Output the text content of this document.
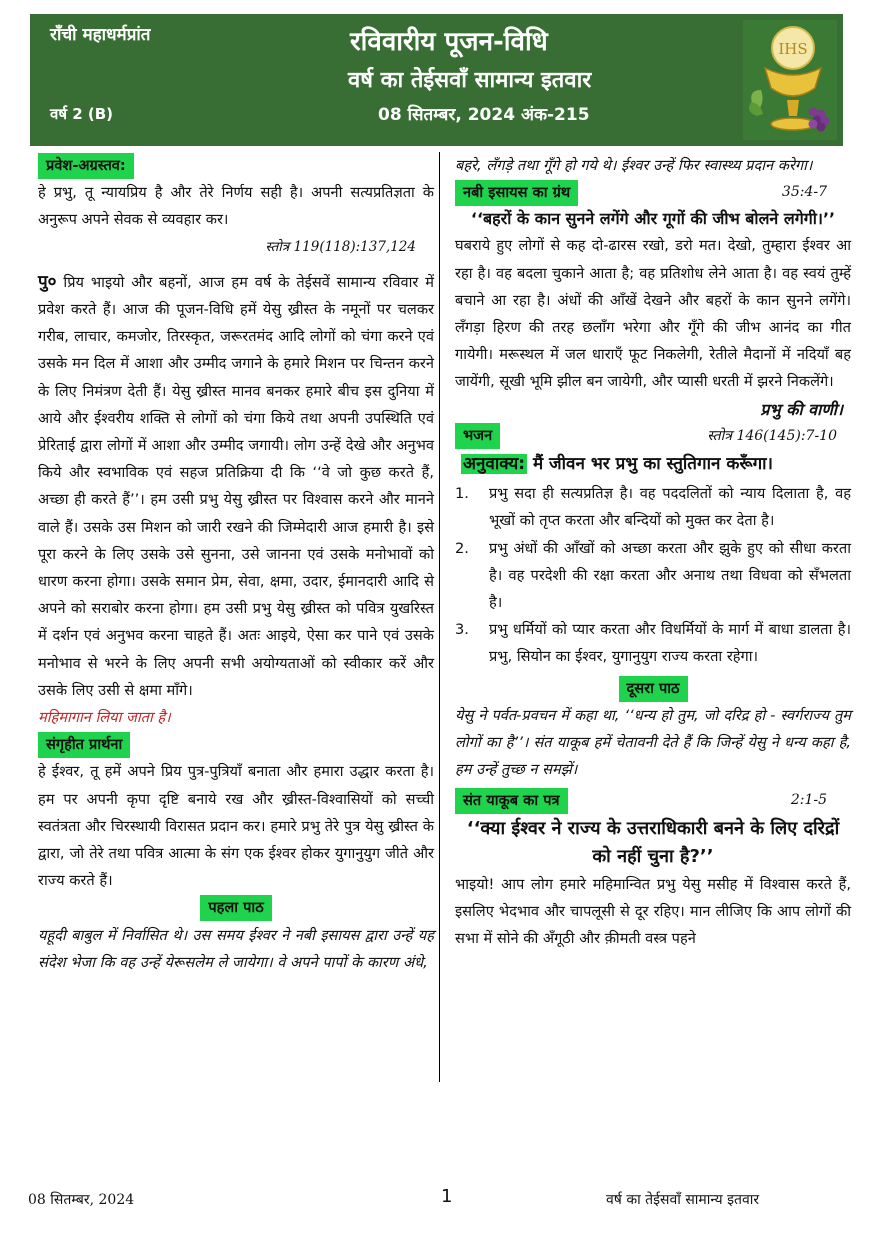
राँची महाधर्मप्रांत	रविवारीय पूजन-विधि
वर्ष का तेईसवाँ सामान्य इतवार
वर्ष 2 (B)	08 सितम्बर, 2024 अंक-215
IHS
प्रवेश-अग्रस्तव:

हे प्रभु, तू न्यायप्रिय है और तेरे निर्णय सही है। अपनी सत्यप्रतिज्ञता के अनुरूप अपने सेवक से व्यवहार कर।

स्तोत्र 119(118):137,124

पु० प्रिय भाइयो और बहनों, आज हम वर्ष के तेईसवें सामान्य रविवार में प्रवेश करते हैं। आज की पूजन-विधि हमें येसु ख्रीस्त के नमूनों पर चलकर गरीब, लाचार, कमजोर, तिरस्कृत, जरूरतमंद आदि लोगों को चंगा करने एवं उसके मन दिल में आशा और उम्मीद जगाने के हमारे मिशन पर चिन्तन करने के लिए निमंत्रण देती हैं। येसु ख्रीस्त मानव बनकर हमारे बीच इस दुनिया में आये और ईश्वरीय शक्ति से लोगों को चंगा किये तथा अपनी उपस्थिति एवं प्रेरिताई द्वारा लोगों में आशा और उम्मीद जगायी। लोग उन्हें देखे और अनुभव किये और स्वभाविक एवं सहज प्रतिक्रिया दी कि ‘‘वे जो कुछ करते हैं, अच्छा ही करते हैं’’। हम उसी प्रभु येसु ख्रीस्त पर विश्वास करने और मानने वाले हैं। उसके उस मिशन को जारी रखने की जिम्मेदारी आज हमारी है। इसे पूरा करने के लिए उसके उसे सुनना, उसे जानना एवं उसके मनोभावों को धारण करना होगा। उसके समान प्रेम, सेवा, क्षमा, उदार, ईमानदारी आदि से अपने को सराबोर करना होगा। हम उसी प्रभु येसु ख्रीस्त को पवित्र युखरिस्त में दर्शन एवं अनुभव करना चाहते हैं। अतः आइये, ऐसा कर पाने एवं उसके मनोभाव से भरने के लिए अपनी सभी अयोग्यताओं को स्वीकार करें और उसके लिए उसी से क्षमा माँगे।

महिमागान लिया जाता है।
संगृहीत प्रार्थना

हे ईश्वर, तू हमें अपने प्रिय पुत्र-पुत्रियाँ बनाता और हमारा उद्धार करता है। हम पर अपनी कृपा दृष्टि बनाये रख और ख्रीस्त-विश्वासियों को सच्ची स्वतंत्रता और चिरस्थायी विरासत प्रदान कर। हमारे प्रभु तेरे पुत्र येसु ख्रीस्त के द्वारा, जो तेरे तथा पवित्र आत्मा के संग एक ईश्वर होकर युगानुयुग जीते और राज्य करते हैं।

पहला पाठ

यहूदी बाबुल में निर्वासित थे। उस समय ईश्वर ने नबी इसायस द्वारा उन्हें यह संदेश भेजा कि वह उन्हें येरूसलेम ले जायेगा। वे अपने पापों के कारण अंधे,

बहरे, लँगड़े तथा गूँगे हो गये थे। ईश्वर उन्हें फिर स्वास्थ्य प्रदान करेगा।

नबी इसायस का ग्रंथ	35:4-7
‘‘बहरों के कान सुनने लगेंगे और गूगों की जीभ बोलने लगेगी।’’

घबराये हुए लोगों से कह दो-ढारस रखो, डरो मत। देखो, तुम्हारा ईश्वर आ रहा है। वह बदला चुकाने आता है; वह प्रतिशोध लेने आता है। वह स्वयं तुम्हें बचाने आ रहा है। अंधों की आँखें देखने और बहरों के कान सुनने लगेंगे। लँगड़ा हिरण की तरह छलाँग भरेगा और गूँगे की जीभ आनंद का गीत गायेगी। मरूस्थल में जल धाराएँ फूट निकलेगी, रेतीले मैदानों में नदियाँ बह जायेंगी, सूखी भूमि झील बन जायेगी, और प्यासी धरती में झरने निकलेंगे।

प्रभु की वाणी।
भजन	स्तोत्र 146(145):7-10
अनुवाक्य: मैं जीवन भर प्रभु का स्तुतिगान करूँगा।
1.	प्रभु सदा ही सत्यप्रतिज्ञ है। वह पददलितों को न्याय दिलाता है, वह भूखों को तृप्त करता और बन्दियों को मुक्त कर देता है।
2.	प्रभु अंधों की आँखों को अच्छा करता और झुके हुए को सीधा करता है। वह परदेशी की रक्षा करता और अनाथ तथा विधवा को सँभलता है।
3.	प्रभु धर्मियों को प्यार करता और विधर्मियों के मार्ग में बाधा डालता है। प्रभु, सियोन का ईश्वर, युगानुयुग राज्य करता रहेगा।
दूसरा पाठ

येसु ने पर्वत-प्रवचन में कहा था, ‘‘धन्य हो तुम, जो दरिद्र हो - स्वर्गराज्य तुम लोगों का है’’। संत याकूब हमें चेतावनी देते हैं कि जिन्हें येसु ने धन्य कहा है, हम उन्हें तुच्छ न समझें।

संत याकूब का पत्र	2:1-5
‘‘क्या ईश्वर ने राज्य के उत्तराधिकारी बनने के लिए दरिद्रों को नहीं चुना है?’’

भाइयो! आप लोग हमारे महिमान्वित प्रभु येसु मसीह में विश्वास करते हैं, इसलिए भेदभाव और चापलूसी से दूर रहिए। मान लीजिए कि आप लोगों की सभा में सोने की अँगूठी और क़ीमती वस्त्र पहने

08 सितम्बर, 2024	1	वर्ष का तेईसवाँ सामान्य इतवार
